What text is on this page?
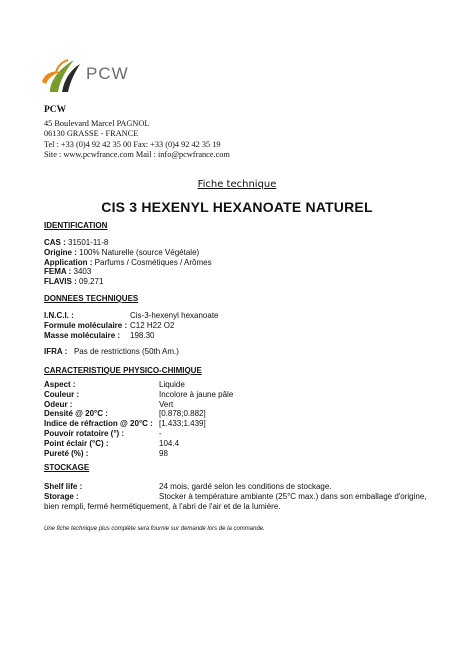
PCW
PCW
45 Boulevard Marcel PAGNOL
06130 GRASSE - FRANCE
Tel : +33 (0)4 92 42 35 00 Fax: +33 (0)4 92 42 35 19
Site : www.pcwfrance.com Mail : info@pcwfrance.com
Fiche technique
CIS 3 HEXENYL HEXANOATE NATUREL
IDENTIFICATION
CAS : 31501-11-8
Origine : 100% Naturelle (source Végétale)
Application : Parfums / Cosmétiques / Arômes
FEMA : 3403
FLAVIS : 09.271
DONNEES TECHNIQUES
I.N.C.I. :	Cis-3-hexenyl hexanoate
Formule moléculaire : C12 H22 O2
Masse moléculaire :	198.30
IFRA : Pas de restrictions (50th Am.)
CARACTERISTIQUE PHYSICO-CHIMIQUE
Aspect :	Liquide
Couleur :	Incolore à jaune pâle
Odeur :	Vert
Densité @ 20°C :	[0.878;0.882]
Indice de réfraction @ 20°C : [1.433;1.439]
Pouvoir rotatoire (°) :	-
Point éclair (°C) :	104.4
Pureté (%) :	98
STOCKAGE
Shelf life :	24 mois, gardé selon les conditions de stockage.
Storage :	Stocker à température ambiante (25°C max.) dans son emballage d'origine,
bien rempli, fermé hermétiquement, à l'abri de l'air et de la lumière.
Une fiche technique plus complète sera fournie sur demande lors de la commande.
